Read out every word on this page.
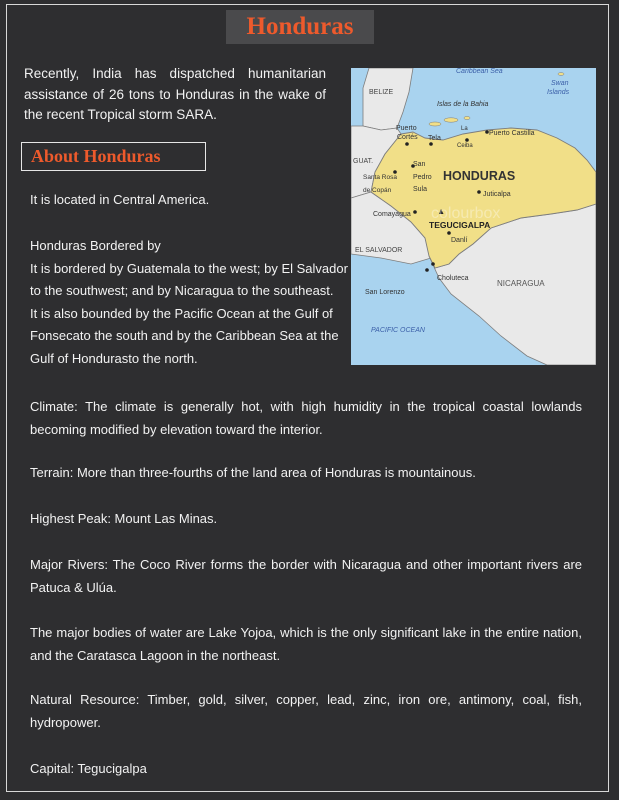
Honduras
Recently, India has dispatched humanitarian assistance of 26 tons to Honduras in the wake of the recent Tropical storm SARA.
About Honduras
Caribbean Sea
Swan
Islands
BELIZE
Islas de la Bahia
Puerto
Cortés Tela
La
Ceiba
Puerto Castilla
GUAT.	San
Pedro
Sula
Santa Rosa
de Copán
HONDURAS
Juticalpa
Comayagua
TEGUCIGALPA
Danlí
EL SALVADOR
Choluteca
NICARAGUA
San Lorenzo
PACIFIC OCEAN
colourbox
It is located in Central America.

Honduras Bordered by

It is bordered by Guatemala to the west; by El Salvador to the southwest; and by Nicaragua to the southeast.

It is also bounded by the Pacific Ocean at the Gulf of Fonsecato the south and by the Caribbean Sea at the Gulf of Hondurasto the north.

Climate: The climate is generally hot, with high humidity in the tropical coastal lowlands becoming modified by elevation toward the interior.
Terrain: More than three-fourths of the land area of Honduras is mountainous.
Highest Peak: Mount Las Minas.
Major Rivers: The Coco River forms the border with Nicaragua and other important rivers are Patuca & Ulúa.
The major bodies of water are Lake Yojoa, which is the only significant lake in the entire nation, and the Caratasca Lagoon in the northeast.
Natural Resource: Timber, gold, silver, copper, lead, zinc, iron ore, antimony, coal, fish, hydropower.
Capital: Tegucigalpa
